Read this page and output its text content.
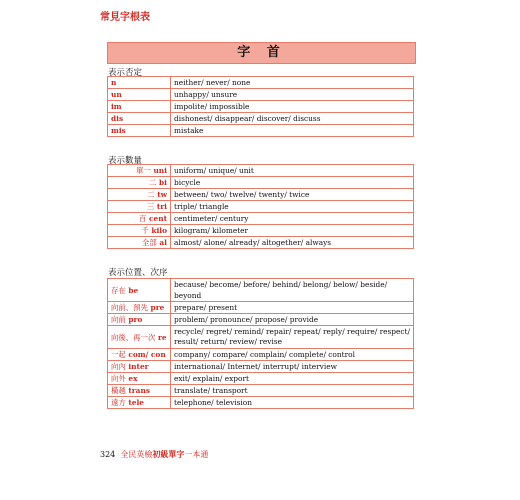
常見字根表
字 首
表示否定
n	neither/ never/ none
un	unhappy/ unsure
im	impolite/ impossible
dis	dishonest/ disappear/ discover/ discuss
mis	mistake
表示數量
單一 uni	uniform/ unique/ unit
二 bi	bicycle
二 tw	between/ two/ twelve/ twenty/ twice
三 tri	triple/ triangle
百 cent	centimeter/ century
千 kilo	kilogram/ kilometer
全部 al	almost/ alone/ already/ altogether/ always
表示位置、次序
存在 be	because/ become/ before/ behind/ belong/ below/ beside/ beyond
向前、預先 pre	prepare/ present
向前 pro	problem/ pronounce/ propose/ provide
向後、再一次 re	recycle/ regret/ remind/ repair/ repeat/ reply/ require/ respect/ result/ return/ review/ revise
一起 com/ con	company/ compare/ complain/ complete/ control
向內 inter	international/ Internet/ interrupt/ interview
向外 ex	exit/ explain/ export
橫越 trans	translate/ transport
遠方 tele	telephone/ television
324 全民英檢初級單字一本通
